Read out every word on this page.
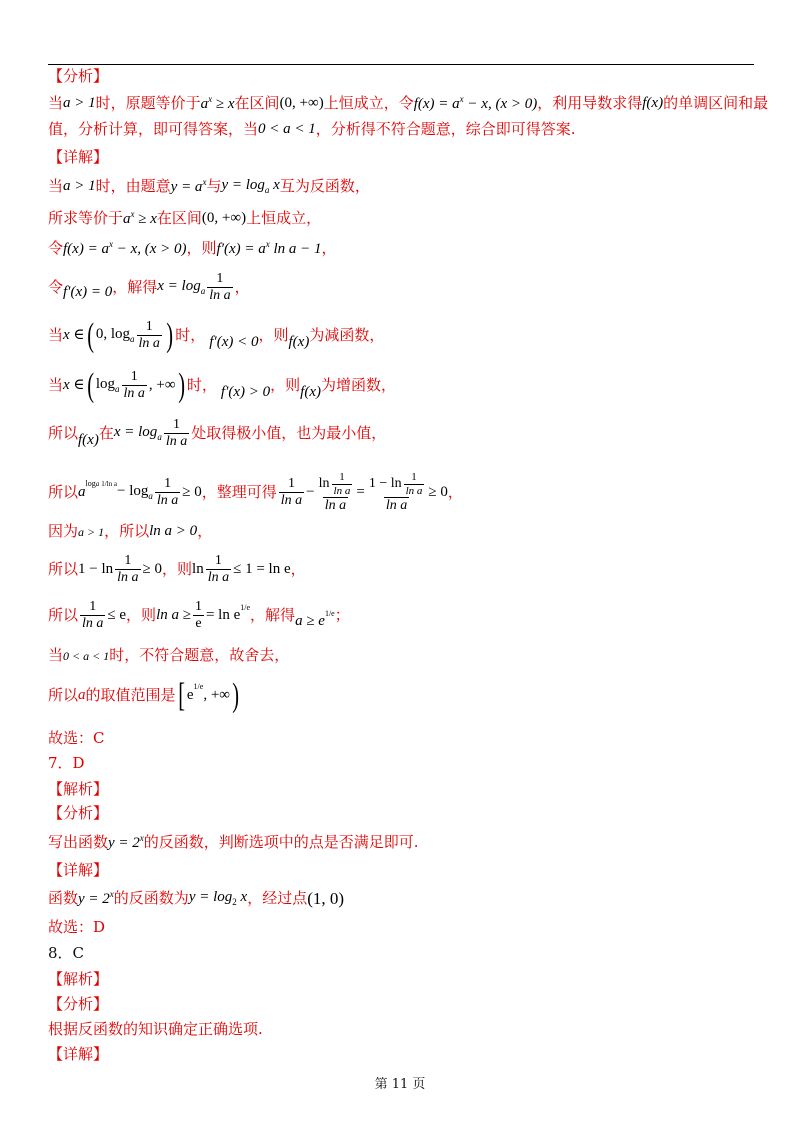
【分析】
当 a > 1 时，原题等价于 $a^x \ge x$ 在区间 (0, +∞) 上恒成立，令 $f(x) = a^x - x$, (x > 0) ，利用导数求得 f(x) 的单调区间和最
值，分析计算，即可得答案，当 0 < a < 1 ，分析得不符合题意，综合即可得答案.
【详解】
当 a > 1 时，由题意 $y = a^x$ 与 $y = \log_a x$ 互为反函数，
所求等价于 $a^x \ge x$ 在区间 (0, +∞) 上恒成立，
令 $f(x) = a^x - x$, (x > 0) ，则 $f'(x) = a^x$ ln a − 1 ，
令 f′(x) = 0 ，解得 $x = \log_a \frac{1}{\text{ln a}}$ ，
当 x ∈ ( 0, $\log_a \frac{1}{\text{ln a}}$ ) 时， f′(x) < 0 ，则 f(x) 为减函数，
当 x ∈ ( $\log_a \frac{1}{\text{ln a}}$ , +∞ ) 时， f′(x) > 0 ，则 f(x) 为增函数，
所以 f(x) 在 $x = \log_a \frac{1}{\text{ln a}}$ 处取得极小值，也为最小值，
所以 $a^{loga 1/ln a} - \log_a \frac{1}{\text{ln a}} \ge 0$ ，整理可得 $\frac{1}{\text{ln a}} - \frac{\ln \frac{1}{\text{ln a}}}{\text{ln a}} = \frac{1 - \ln \frac{1}{\text{ln a}}}{\text{ln a}} \ge 0$ ，
因为 a > 1 ，所以 ln a > 0 ，
所以 $1 - \ln \frac{1}{\text{ln a}} \ge 0$ ，则 $\ln \frac{1}{\text{ln a}} \le 1 = \ln e$ ，
所以 $\frac{1}{\text{ln a}} \le e$ ，则 $\ln a \ge \frac{1}{e} = \ln e^{1/e}$ ，解得 $a \ge e^{1/e}$ ；
当 0 < a < 1 时，不符合题意，故舍去，
所以 a 的取值范围是 [ $e^{1/e}$, +∞ )
故选：C
7．D
【解析】
【分析】
写出函数 $y = 2^x$ 的反函数，判断选项中的点是否满足即可.
【详解】
函数 $y = 2^x$ 的反函数为 $y = \log_2 x$ ，经过点 (1, 0)
故选：D
8．C
【解析】
【分析】
根据反函数的知识确定正确选项.
【详解】
第 11 页
